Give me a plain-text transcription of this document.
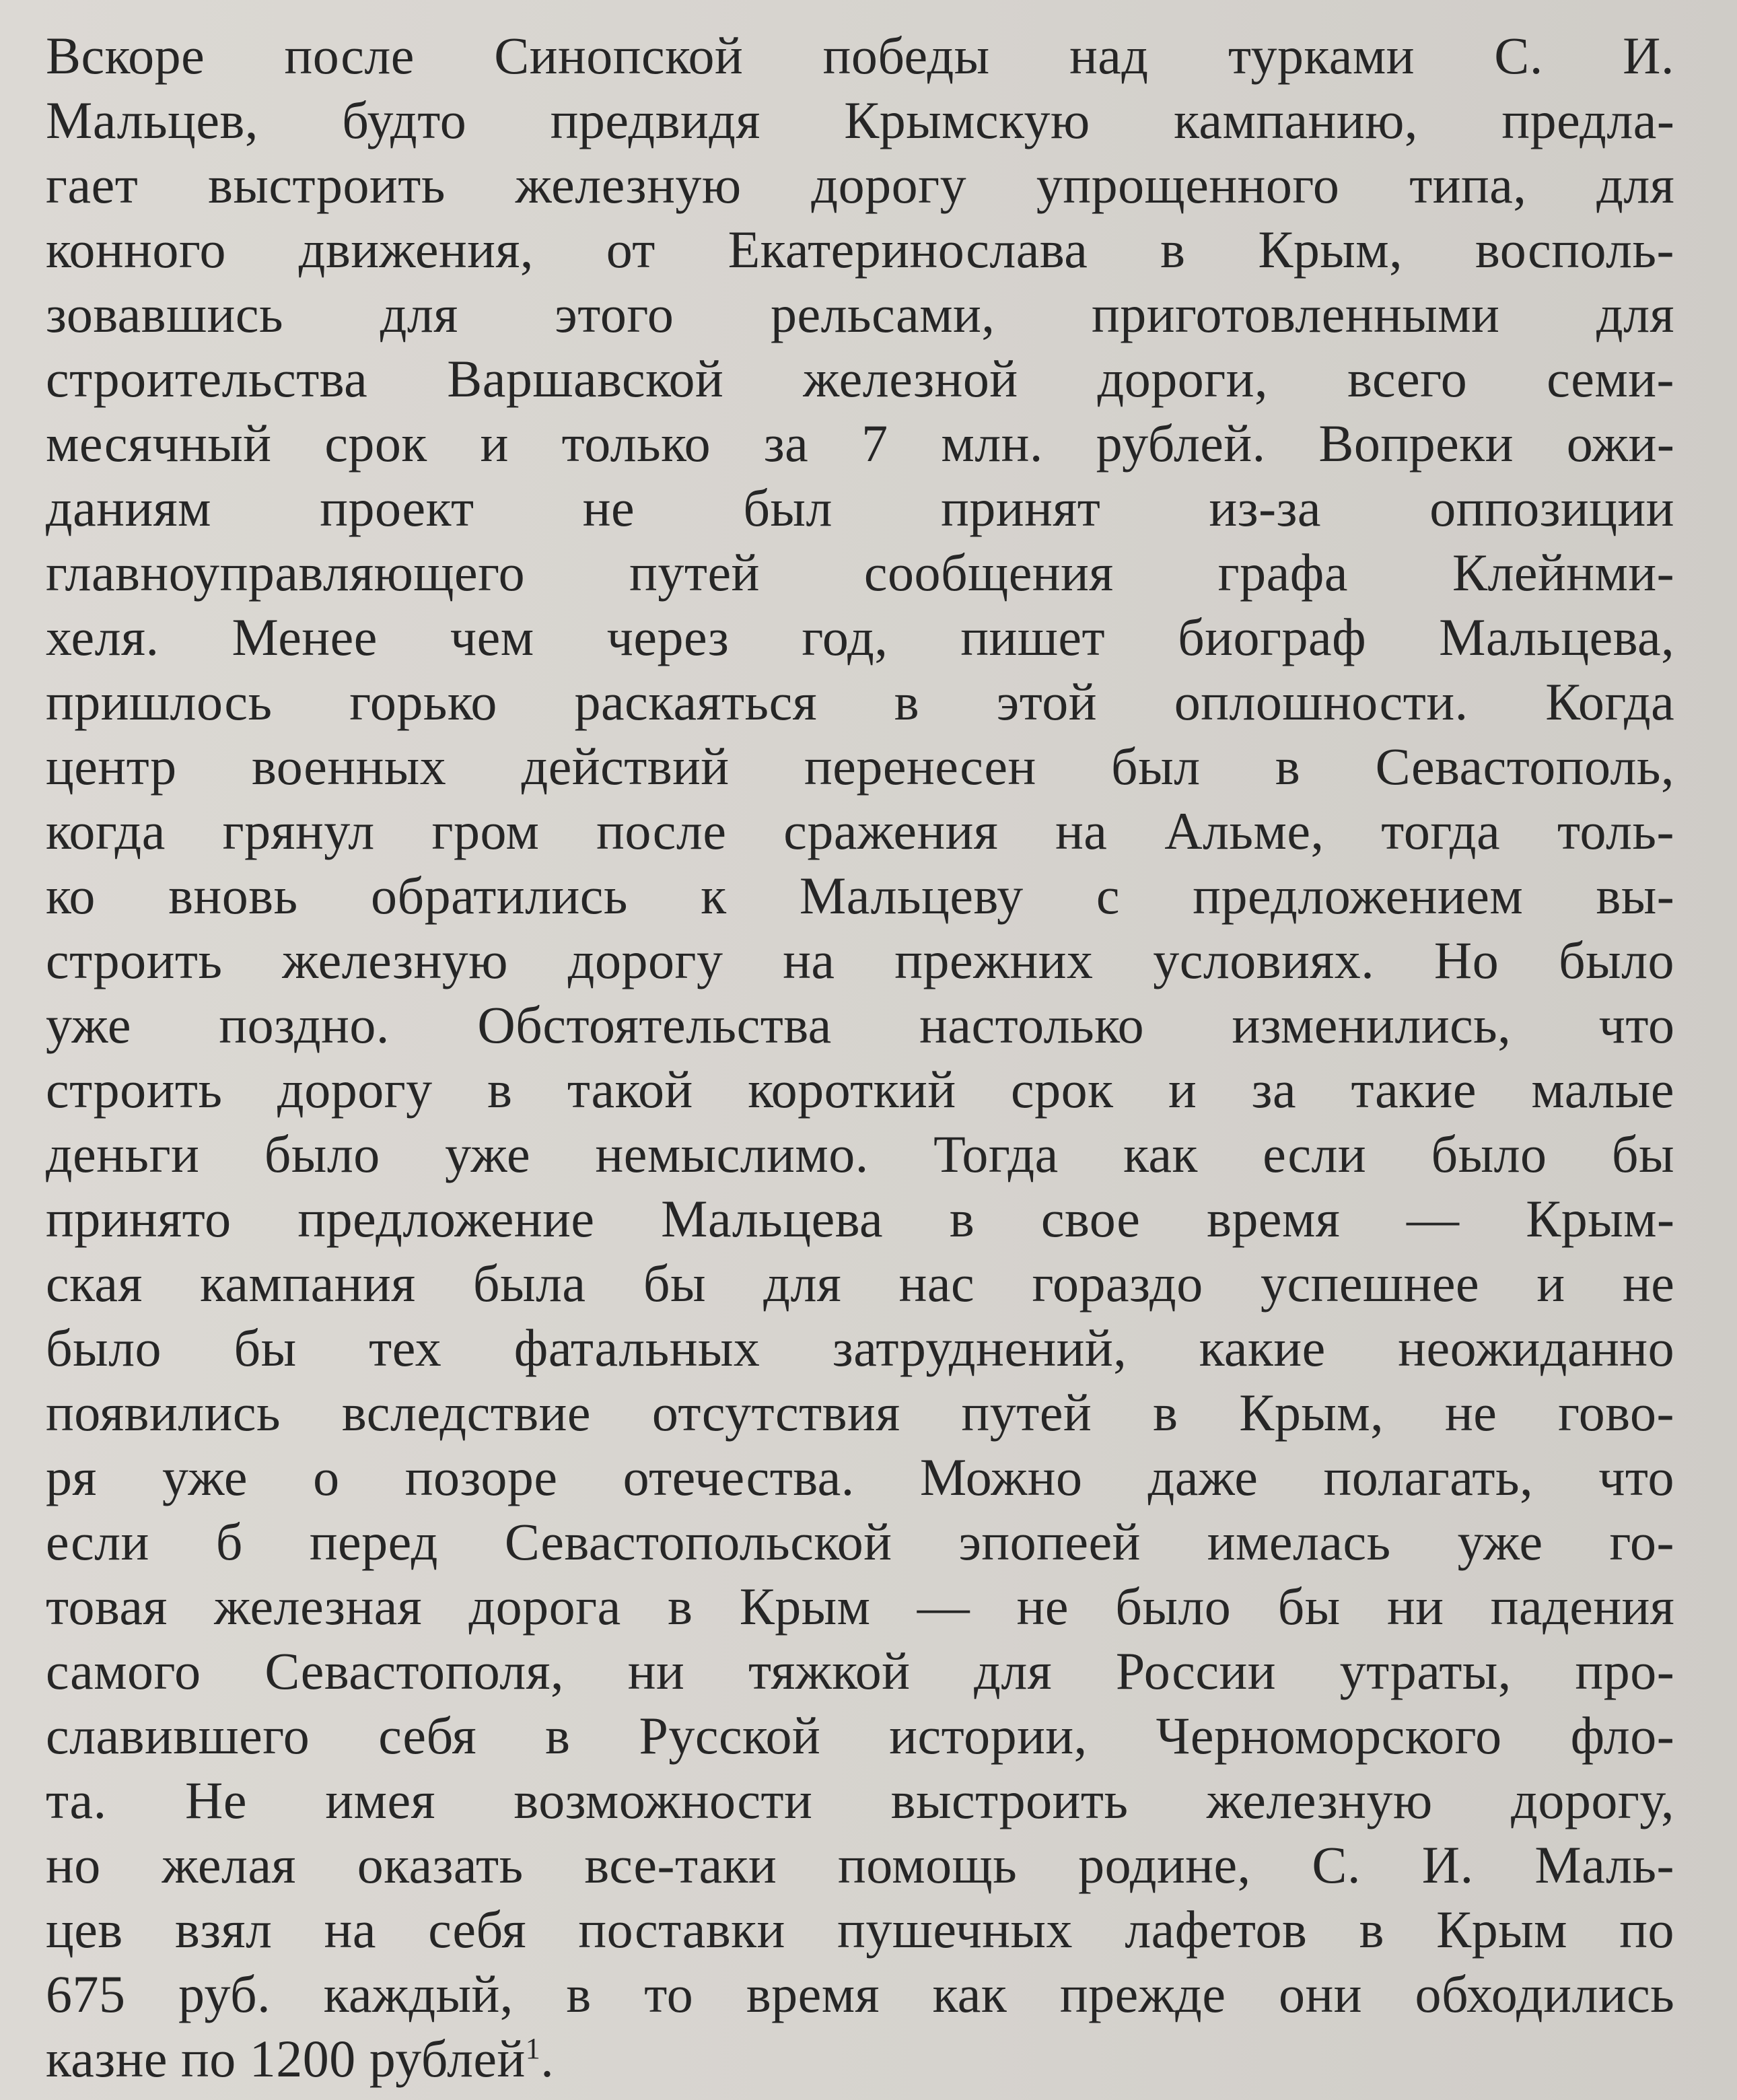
Вскоре после Синопской победы над турками С. И.
Мальцев, будто предвидя Крымскую кампанию, предла-
гает выстроить железную дорогу упрощенного типа, для
конного движения, от Екатеринослава в Крым, восполь-
зовавшись для этого рельсами, приготовленными для
строительства Варшавской железной дороги, всего семи-
месячный срок и только за 7 млн. рублей. Вопреки ожи-
даниям проект не был принят из-за оппозиции
главноуправляющего путей сообщения графа Клейнми-
хеля. Менее чем через год, пишет биограф Мальцева,
пришлось горько раскаяться в этой оплошности. Когда
центр военных действий перенесен был в Севастополь,
когда грянул гром после сражения на Альме, тогда толь-
ко вновь обратились к Мальцеву с предложением вы-
строить железную дорогу на прежних условиях. Но было
уже поздно. Обстоятельства настолько изменились, что
строить дорогу в такой короткий срок и за такие малые
деньги было уже немыслимо. Тогда как если было бы
принято предложение Мальцева в свое время — Крым-
ская кампания была бы для нас гораздо успешнее и не
было бы тех фатальных затруднений, какие неожиданно
появились вследствие отсутствия путей в Крым, не гово-
ря уже о позоре отечества. Можно даже полагать, что
если б перед Севастопольской эпопеей имелась уже го-
товая железная дорога в Крым — не было бы ни падения
самого Севастополя, ни тяжкой для России утраты, про-
славившего себя в Русской истории, Черноморского фло-
та. Не имея возможности выстроить железную дорогу,
но желая оказать все-таки помощь родине, С. И. Маль-
цев взял на себя поставки пушечных лафетов в Крым по
675 руб. каждый, в то время как прежде они обходились
казне по 1200 рублей$^1$.
